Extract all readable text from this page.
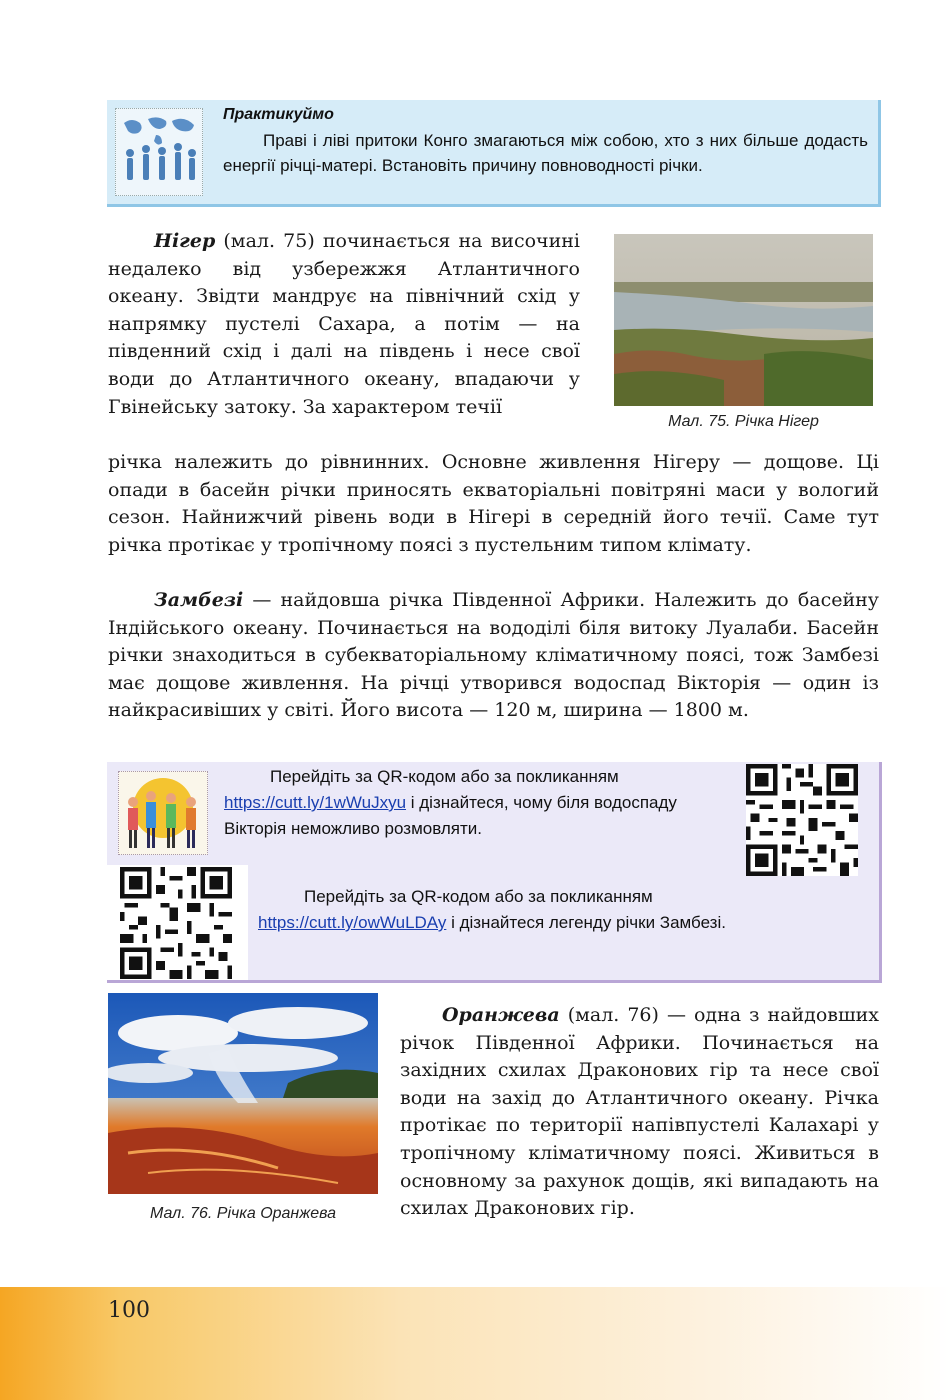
Практикуймо
Праві і ліві притоки Конго змагаються між собою, хто з них більше додасть енергії річці-матері. Встановіть причину повноводності річки.
Нігер (мал. 75) починається на височині недалеко від узбережжя Атлантичного океану. Звідти мандрує на північний схід у напрямку пустелі Сахара, а потім — на південний схід і далі на південь і несе свої води до Атлантичного океану, впадаючи у Гвінейську затоку. За характером течії
річка належить до рівнинних. Основне живлення Нігеру — дощове. Ці опади в басейн річки приносять екваторіальні повітряні маси у вологий сезон. Найнижчий рівень води в Нігері в середній його течії. Саме тут річка протікає у тропічному поясі з пустельним типом клімату.
Мал. 75. Річка Нігер
Замбезі — найдовша річка Південної Африки. Належить до басейну Індійського океану. Починається на вододілі біля витоку Луалаби. Басейн річки знаходиться в субекваторіальному кліматичному поясі, тож Замбезі має дощове живлення. На річці утворився водоспад Вікторія — один із найкрасивіших у світі. Його висота — 120 м, ширина — 1800 м.
Перейдіть за QR-кодом або за покликанням
https://cutt.ly/1wWuJxyu і дізнайтеся, чому біля водоспаду Вікторія неможливо розмовляти.
Перейдіть за QR-кодом або за покликанням https://cutt.ly/owWuLDAy і дізнайтеся легенду річки Замбезі.
Мал. 76. Річка Оранжева
Оранжева (мал. 76) — одна з найдовших річок Південної Африки. Починається на західних схилах Драконових гір та несе свої води на захід до Атлантичного океану. Річка протікає по території напівпустелі Калахарі у тропічному кліматичному поясі. Живиться в основному за рахунок дощів, які випадають на схилах Драконових гір.
100
